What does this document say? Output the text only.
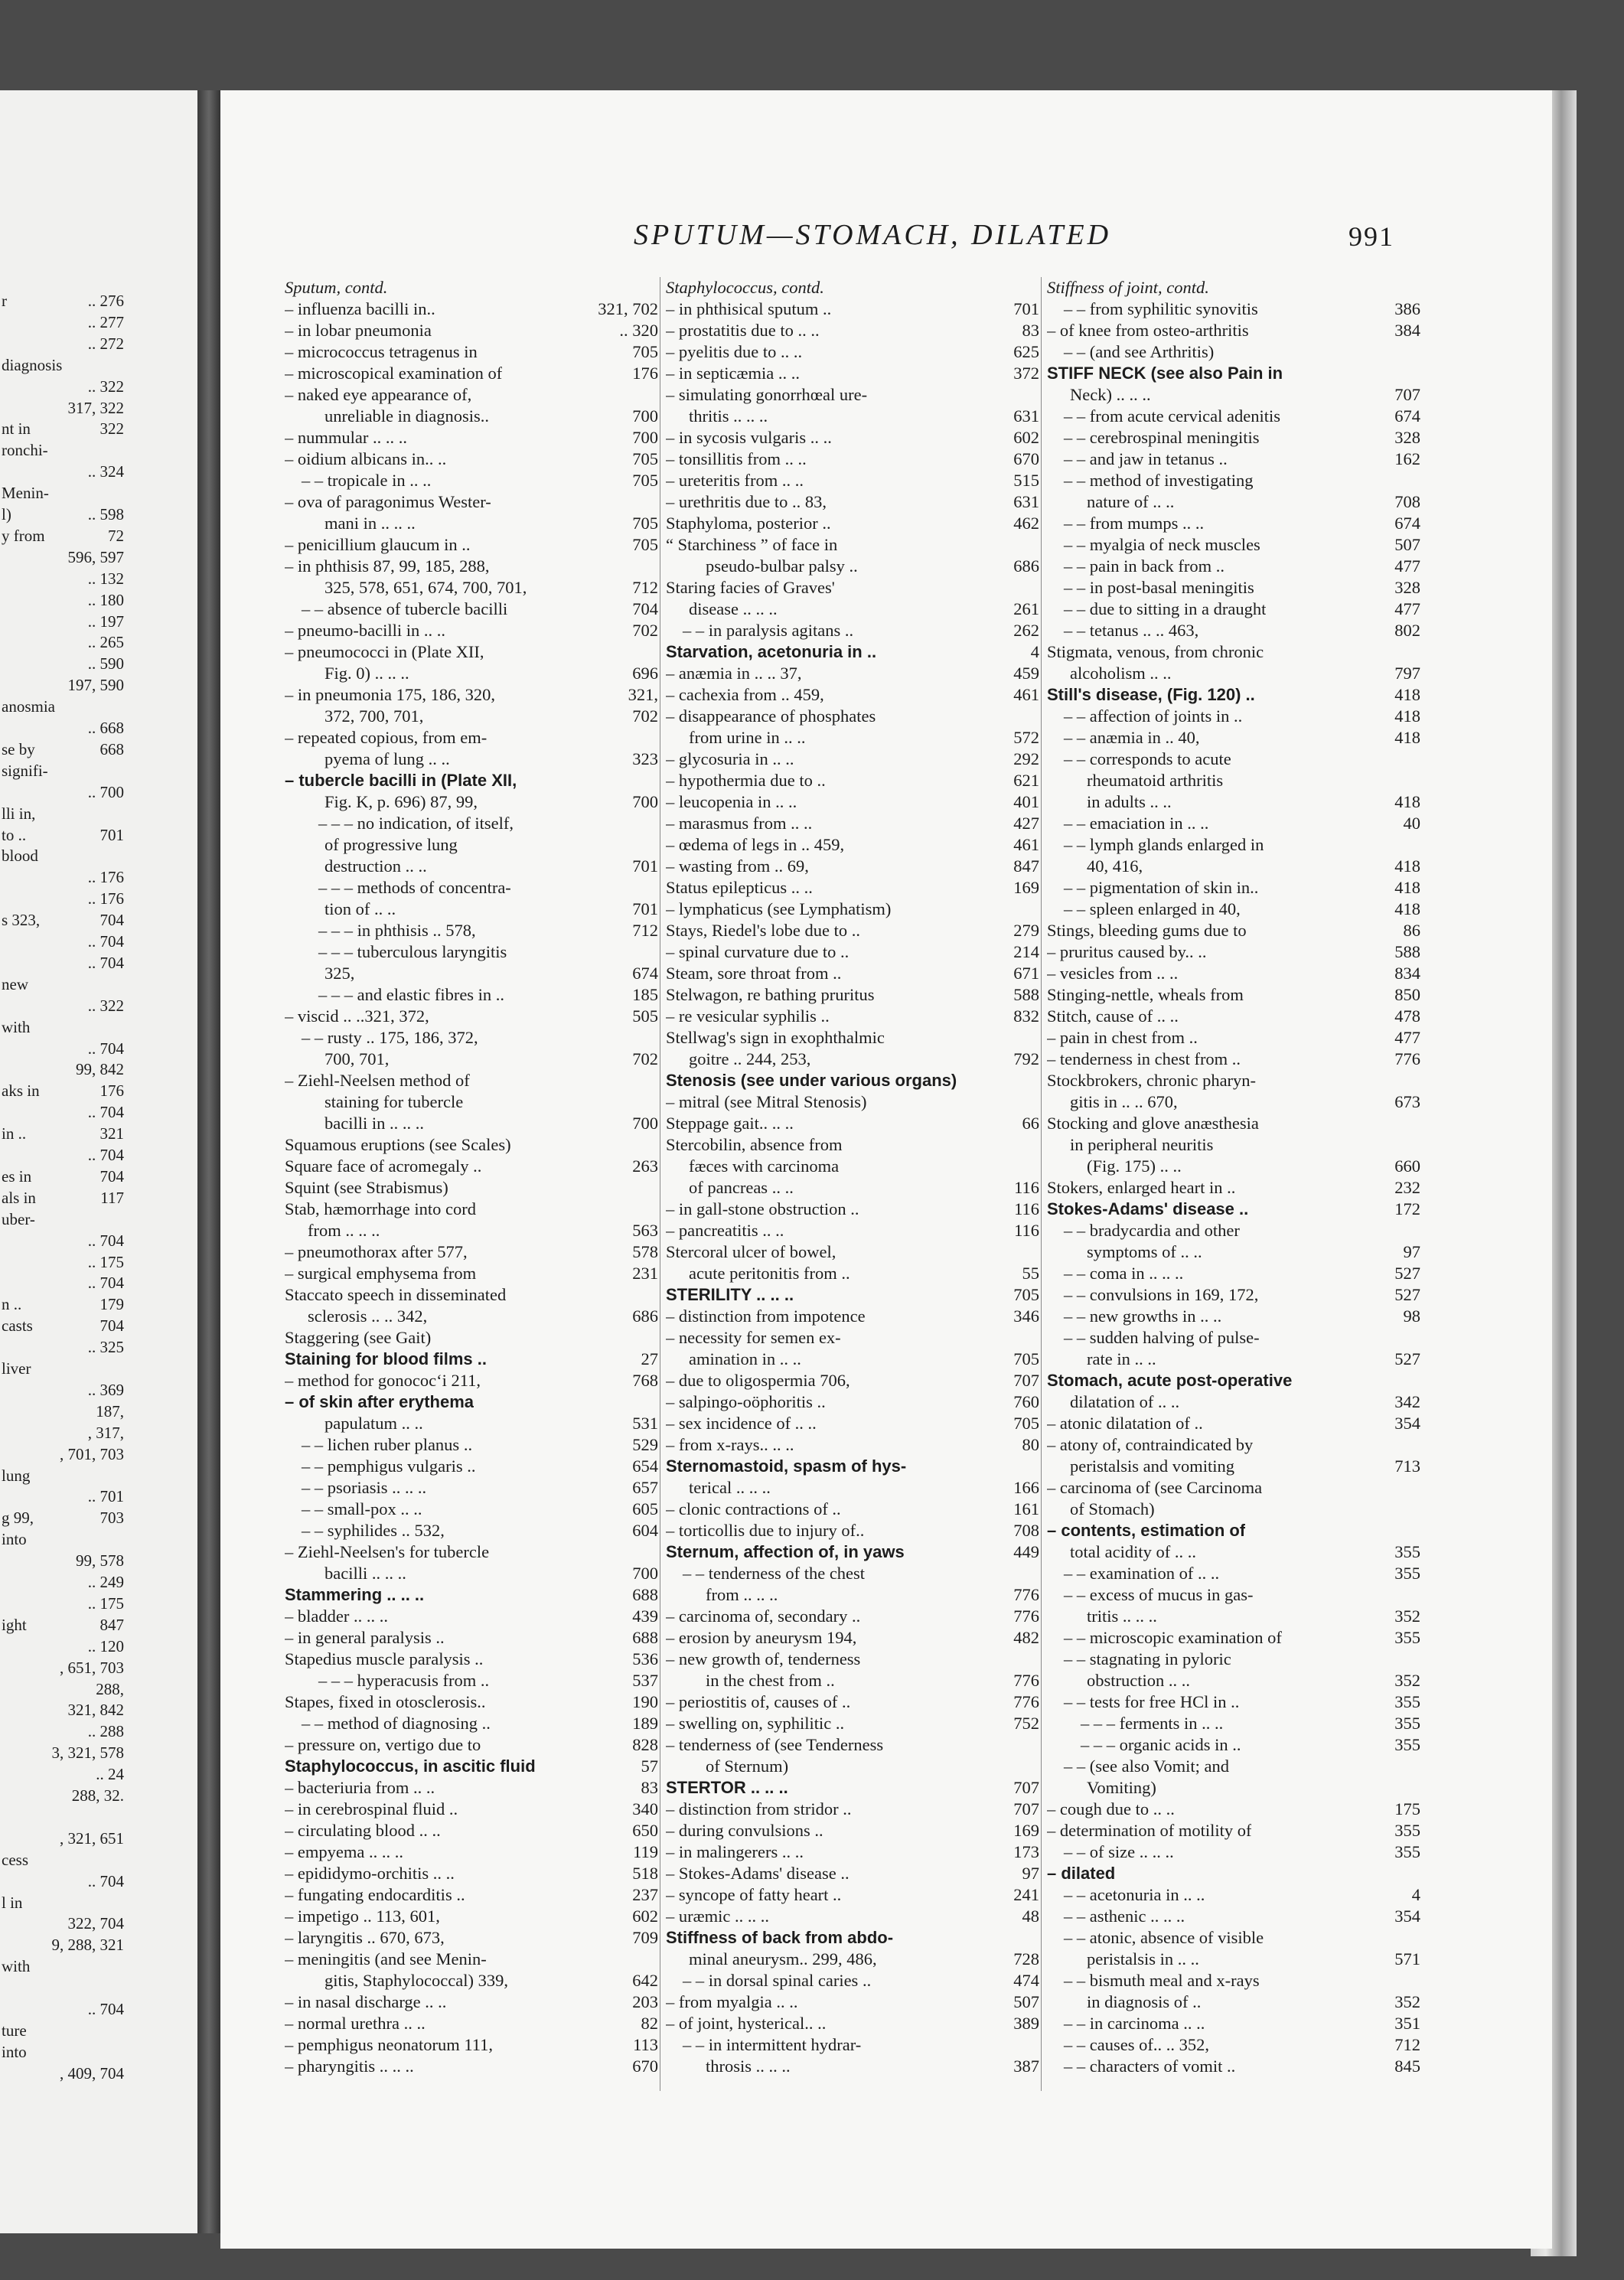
r	.. 276
.. 277
.. 272
diagnosis
.. 322
317, 322
nt in	322
ronchi-
.. 324
Menin-
l)	.. 598
y from	72
596, 597
.. 132
.. 180
.. 197
.. 265
.. 590
197, 590
anosmia
.. 668
se by	668
signifi-
.. 700
lli in,
to ..	701
blood
.. 176
.. 176
s 323,	704
.. 704
.. 704
new
.. 322
with
.. 704
99, 842
aks in	176
.. 704
in ..	321
.. 704
es in	704
als in	117
uber-
.. 704
.. 175
.. 704
n ..	179
casts	704
.. 325
liver
.. 369
187,
, 317,
, 701, 703
lung
.. 701
g 99,	703
into
99, 578
.. 249
.. 175
ight	847
.. 120
, 651, 703
288,
321, 842
.. 288
3, 321, 578
.. 24
288, 32.
, 321, 651
cess
.. 704
l in
322, 704
9, 288, 321
with
.. 704
ture
into
, 409, 704
SPUTUM—STOMACH, DILATED	991
Sputum, contd.
– influenza bacilli in..	321, 702
– in lobar pneumonia	.. 320
– micrococcus tetragenus in	705
– microscopical examination of	176
– naked eye appearance of,
unreliable in diagnosis..	700
– nummular .. .. ..	700
– oidium albicans in.. ..	705
– – tropicale in .. ..	705
– ova of paragonimus Wester-
mani in .. .. ..	705
– penicillium glaucum in ..	705
– in phthisis 87, 99, 185, 288,
325, 578, 651, 674, 700, 701,	712
– – absence of tubercle bacilli	704
– pneumo-bacilli in .. ..	702
– pneumococci in (Plate XII,
Fig. 0) .. .. ..	696
– in pneumonia 175, 186, 320,	321,
372, 700, 701,	702
– repeated copious, from em-
pyema of lung .. ..	323
– tubercle bacilli in (Plate XII,
Fig. K, p. 696) 87, 99,	700
– – – no indication, of itself,
of progressive lung
destruction .. ..	701
– – – methods of concentra-
tion of .. ..	701
– – – in phthisis .. 578,	712
– – – tuberculous laryngitis
325,	674
– – – and elastic fibres in ..	185
– viscid .. ..321, 372,	505
– – rusty .. 175, 186, 372,
700, 701,	702
– Ziehl-Neelsen method of
staining for tubercle
bacilli in .. .. ..	700
Squamous eruptions (see Scales)
Square face of acromegaly ..	263
Squint (see Strabismus)
Stab, hæmorrhage into cord
from .. .. ..	563
– pneumothorax after 577,	578
– surgical emphysema from	231
Staccato speech in disseminated
sclerosis .. .. 342,	686
Staggering (see Gait)
Staining for blood films ..	27
– method for gonococ‘i 211,	768
– of skin after erythema
papulatum .. ..	531
– – lichen ruber planus ..	529
– – pemphigus vulgaris ..	654
– – psoriasis .. .. ..	657
– – small-pox .. ..	605
– – syphilides .. 532,	604
– Ziehl-Neelsen's for tubercle
bacilli .. .. ..	700
Stammering .. .. ..	688
– bladder .. .. ..	439
– in general paralysis ..	688
Stapedius muscle paralysis ..	536
– – – hyperacusis from ..	537
Stapes, fixed in otosclerosis..	190
– – method of diagnosing ..	189
– pressure on, vertigo due to	828
Staphylococcus, in ascitic fluid	57
– bacteriuria from .. ..	83
– in cerebrospinal fluid ..	340
– circulating blood .. ..	650
– empyema .. .. ..	119
– epididymo-orchitis .. ..	518
– fungating endocarditis ..	237
– impetigo .. 113, 601,	602
– laryngitis .. 670, 673,	709
– meningitis (and see Menin-
gitis, Staphylococcal) 339,	642
– in nasal discharge .. ..	203
– normal urethra .. ..	82
– pemphigus neonatorum 111,	113
– pharyngitis .. .. ..	670
Staphylococcus, contd.
– in phthisical sputum ..	701
– prostatitis due to .. ..	83
– pyelitis due to .. ..	625
– in septicæmia .. ..	372
– simulating gonorrhœal ure-
thritis .. .. ..	631
– in sycosis vulgaris .. ..	602
– tonsillitis from .. ..	670
– ureteritis from .. ..	515
– urethritis due to .. 83,	631
Staphyloma, posterior ..	462
“ Starchiness ” of face in
pseudo-bulbar palsy ..	686
Staring facies of Graves'
disease .. .. ..	261
– – in paralysis agitans ..	262
Starvation, acetonuria in ..	4
– anæmia in .. .. 37,	459
– cachexia from .. 459,	461
– disappearance of phosphates
from urine in .. ..	572
– glycosuria in .. ..	292
– hypothermia due to ..	621
– leucopenia in .. ..	401
– marasmus from .. ..	427
– œdema of legs in .. 459,	461
– wasting from .. 69,	847
Status epilepticus .. ..	169
– lymphaticus (see Lymphatism)
Stays, Riedel's lobe due to ..	279
– spinal curvature due to ..	214
Steam, sore throat from ..	671
Stelwagon, re bathing pruritus	588
– re vesicular syphilis ..	832
Stellwag's sign in exophthalmic
goitre .. 244, 253,	792
Stenosis (see under various organs)
– mitral (see Mitral Stenosis)
Steppage gait.. .. ..	66
Stercobilin, absence from
fæces with carcinoma
of pancreas .. ..	116
– in gall-stone obstruction ..	116
– pancreatitis .. ..	116
Stercoral ulcer of bowel,
acute peritonitis from ..	55
STERILITY .. .. ..	705
– distinction from impotence	346
– necessity for semen ex-
amination in .. ..	705
– due to oligospermia 706,	707
– salpingo-oöphoritis ..	760
– sex incidence of .. ..	705
– from x-rays.. .. ..	80
Sternomastoid, spasm of hys-
terical .. .. ..	166
– clonic contractions of ..	161
– torticollis due to injury of..	708
Sternum, affection of, in yaws	449
– – tenderness of the chest
from .. .. ..	776
– carcinoma of, secondary ..	776
– erosion by aneurysm 194,	482
– new growth of, tenderness
in the chest from ..	776
– periostitis of, causes of ..	776
– swelling on, syphilitic ..	752
– tenderness of (see Tenderness
of Sternum)
STERTOR .. .. ..	707
– distinction from stridor ..	707
– during convulsions ..	169
– in malingerers .. ..	173
– Stokes-Adams' disease ..	97
– syncope of fatty heart ..	241
– uræmic .. .. ..	48
Stiffness of back from abdo-
minal aneurysm.. 299, 486,	728
– – in dorsal spinal caries ..	474
– from myalgia .. ..	507
– of joint, hysterical.. ..	389
– – in intermittent hydrar-
throsis .. .. ..	387
Stiffness of joint, contd.
– – from syphilitic synovitis	386
– of knee from osteo-arthritis	384
– – (and see Arthritis)
STIFF NECK (see also Pain in
Neck) .. .. ..	707
– – from acute cervical adenitis	674
– – cerebrospinal meningitis	328
– – and jaw in tetanus ..	162
– – method of investigating
nature of .. ..	708
– – from mumps .. ..	674
– – myalgia of neck muscles	507
– – pain in back from ..	477
– – in post-basal meningitis	328
– – due to sitting in a draught	477
– – tetanus .. .. 463,	802
Stigmata, venous, from chronic
alcoholism .. ..	797
Still's disease, (Fig. 120) ..	418
– – affection of joints in ..	418
– – anæmia in .. 40,	418
– – corresponds to acute
rheumatoid arthritis
in adults .. ..	418
– – emaciation in .. ..	40
– – lymph glands enlarged in
40, 416,	418
– – pigmentation of skin in..	418
– – spleen enlarged in 40,	418
Stings, bleeding gums due to	86
– pruritus caused by.. ..	588
– vesicles from .. ..	834
Stinging-nettle, wheals from	850
Stitch, cause of .. ..	478
– pain in chest from ..	477
– tenderness in chest from ..	776
Stockbrokers, chronic pharyn-
gitis in .. .. 670,	673
Stocking and glove anæsthesia
in peripheral neuritis
(Fig. 175) .. ..	660
Stokers, enlarged heart in ..	232
Stokes-Adams' disease ..	172
– – bradycardia and other
symptoms of .. ..	97
– – coma in .. .. ..	527
– – convulsions in 169, 172,	527
– – new growths in .. ..	98
– – sudden halving of pulse-
rate in .. ..	527
Stomach, acute post-operative
dilatation of .. ..	342
– atonic dilatation of ..	354
– atony of, contraindicated by
peristalsis and vomiting	713
– carcinoma of (see Carcinoma
of Stomach)
– contents, estimation of
total acidity of .. ..	355
– – examination of .. ..	355
– – excess of mucus in gas-
tritis .. .. ..	352
– – microscopic examination of	355
– – stagnating in pyloric
obstruction .. ..	352
– – tests for free HCl in ..	355
– – – ferments in .. ..	355
– – – organic acids in ..	355
– – (see also Vomit; and
Vomiting)
– cough due to .. ..	175
– determination of motility of	355
– – of size .. .. ..	355
– dilated
– – acetonuria in .. ..	4
– – asthenic .. .. ..	354
– – atonic, absence of visible
peristalsis in .. ..	571
– – bismuth meal and x-rays
in diagnosis of ..	352
– – in carcinoma .. ..	351
– – causes of.. .. 352,	712
– – characters of vomit ..	845
